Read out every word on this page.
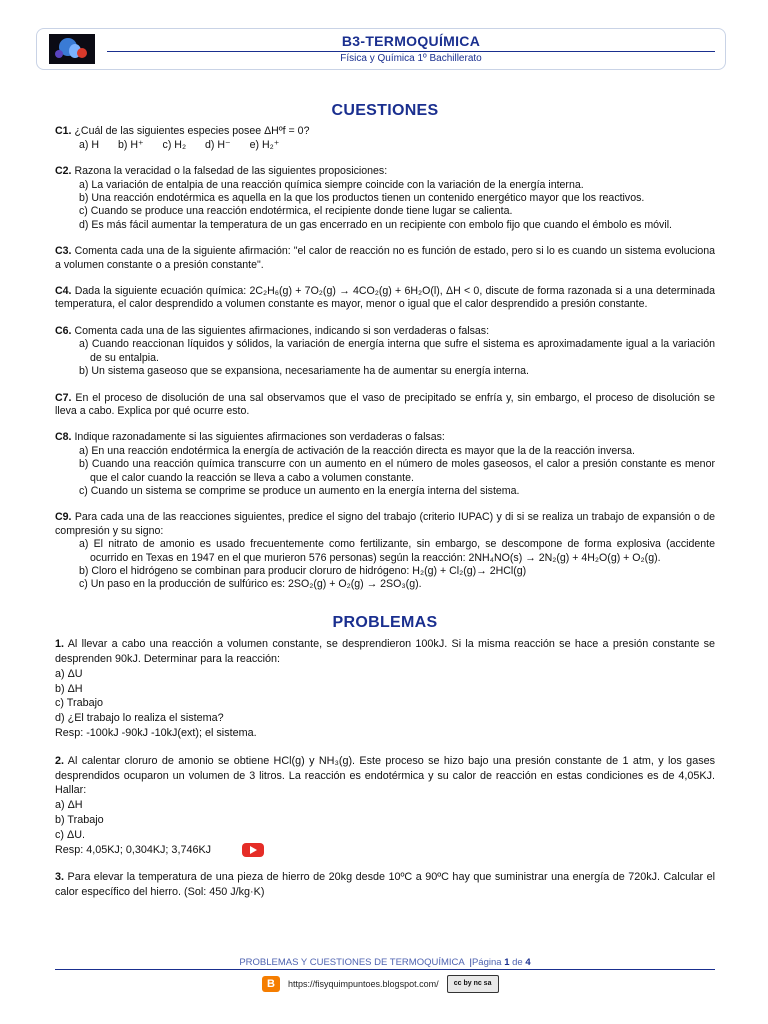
B3-TERMOQUÍMICA
Física y Química 1º Bachillerato
CUESTIONES
C1. ¿Cuál de las siguientes especies posee ΔHºf = 0?
a) H b) H⁺ c) H₂ d) H⁻ e) H₂⁺
C2. Razona la veracidad o la falsedad de las siguientes proposiciones:
a) La variación de entalpia de una reacción química siempre coincide con la variación de la energía interna.
b) Una reacción endotérmica es aquella en la que los productos tienen un contenido energético mayor que los reactivos.
c) Cuando se produce una reacción endotérmica, el recipiente donde tiene lugar se calienta.
d) Es más fácil aumentar la temperatura de un gas encerrado en un recipiente con embolo fijo que cuando el émbolo es móvil.
C3. Comenta cada una de la siguiente afirmación: "el calor de reacción no es función de estado, pero si lo es cuando un sistema evoluciona a volumen constante o a presión constante".
C4. Dada la siguiente ecuación química: 2C₂H₆(g) + 7O₂(g) → 4CO₂(g) + 6H₂O(l), ΔH < 0, discute de forma razonada si a una determinada temperatura, el calor desprendido a volumen constante es mayor, menor o igual que el calor desprendido a presión constante.
C6. Comenta cada una de las siguientes afirmaciones, indicando si son verdaderas o falsas:
a) Cuando reaccionan líquidos y sólidos, la variación de energía interna que sufre el sistema es aproximadamente igual a la variación de su entalpia.
b) Un sistema gaseoso que se expansiona, necesariamente ha de aumentar su energía interna.
C7. En el proceso de disolución de una sal observamos que el vaso de precipitado se enfría y, sin embargo, el proceso de disolución se lleva a cabo. Explica por qué ocurre esto.
C8. Indique razonadamente si las siguientes afirmaciones son verdaderas o falsas:
a) En una reacción endotérmica la energía de activación de la reacción directa es mayor que la de la reacción inversa.
b) Cuando una reacción química transcurre con un aumento en el número de moles gaseosos, el calor a presión constante es menor que el calor cuando la reacción se lleva a cabo a volumen constante.
c) Cuando un sistema se comprime se produce un aumento en la energía interna del sistema.
C9. Para cada una de las reacciones siguientes, predice el signo del trabajo (criterio IUPAC) y di si se realiza un trabajo de expansión o de compresión y su signo:
a) El nitrato de amonio es usado frecuentemente como fertilizante, sin embargo, se descompone de forma explosiva (accidente ocurrido en Texas en 1947 en el que murieron 576 personas) según la reacción: 2NH₄NO(s) → 2N₂(g) + 4H₂O(g) + O₂(g).
b) Cloro el hidrógeno se combinan para producir cloruro de hidrógeno: H₂(g) + Cl₂(g)→ 2HCl(g)
c) Un paso en la producción de sulfúrico es: 2SO₂(g) + O₂(g) → 2SO₃(g).
PROBLEMAS
1. Al llevar a cabo una reacción a volumen constante, se desprendieron 100kJ. Si la misma reacción se hace a presión constante se desprenden 90kJ. Determinar para la reacción:
a) ΔU
b) ΔH
c) Trabajo
d) ¿El trabajo lo realiza el sistema?
Resp: -100kJ -90kJ -10kJ(ext); el sistema.
2. Al calentar cloruro de amonio se obtiene HCl(g) y NH₃(g). Este proceso se hizo bajo una presión constante de 1 atm, y los gases desprendidos ocuparon un volumen de 3 litros. La reacción es endotérmica y su calor de reacción en estas condiciones es de 4,05KJ. Hallar:
a) ΔH
b) Trabajo
c) ΔU.
Resp: 4,05KJ; 0,304KJ; 3,746KJ
3. Para elevar la temperatura de una pieza de hierro de 20kg desde 10ºC a 90ºC hay que suministrar una energía de 720kJ. Calcular el calor específico del hierro. (Sol: 450 J/kg·K)
PROBLEMAS Y CUESTIONES DE TERMOQUÍMICA  |Página 1 de 4
B	https://fisyquimpuntoes.blogspot.com/	cc by nc sa
